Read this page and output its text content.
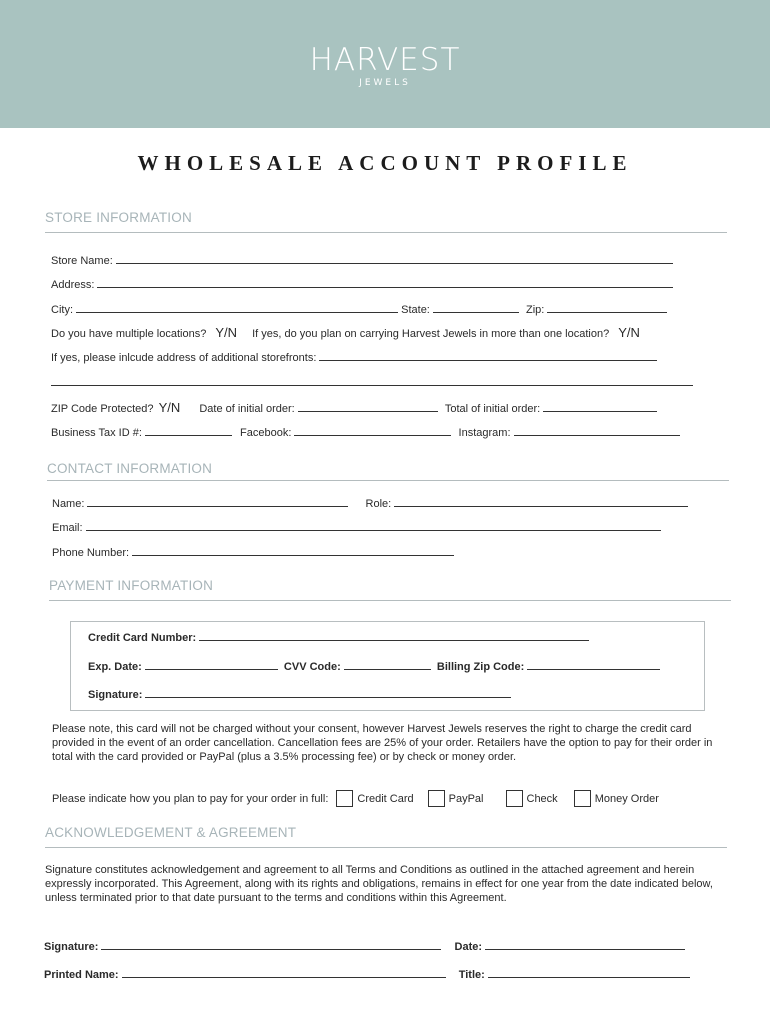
HARVEST
JEWELS
WHOLESALE ACCOUNT PROFILE
STORE INFORMATION
Store Name:
Address:
City:	State:	Zip:
Do you have multiple locations? Y/N If yes, do you plan on carrying Harvest Jewels in more than one location? Y/N
If yes, please inlcude address of additional storefronts:
ZIP Code Protected? Y/N Date of initial order:	Total of initial order:
Business Tax ID #:	Facebook:	Instagram:
CONTACT INFORMATION
Name:	Role:
Email:
Phone Number:
PAYMENT INFORMATION
Credit Card Number:
Exp. Date:	CVV Code:	Billing Zip Code:
Signature:
Please note, this card will not be charged without your consent, however Harvest Jewels reserves the right to charge the credit card provided in the event of an order cancellation. Cancellation fees are 25% of your order. Retailers have the option to pay for their order in total with the card provided or PayPal (plus a 3.5% processing fee) or by check or money order.
Please indicate how you plan to pay for your order in full:	Credit Card	PayPal	Check	Money Order
ACKNOWLEDGEMENT & AGREEMENT
Signature constitutes acknowledgement and agreement to all Terms and Conditions as outlined in the attached agreement and herein expressly incorporated. This Agreement, along with its rights and obligations, remains in effect for one year from the date indicated below, unless terminated prior to that date pursuant to the terms and conditions within this Agreement.
Signature:	Date:
Printed Name:	Title:
